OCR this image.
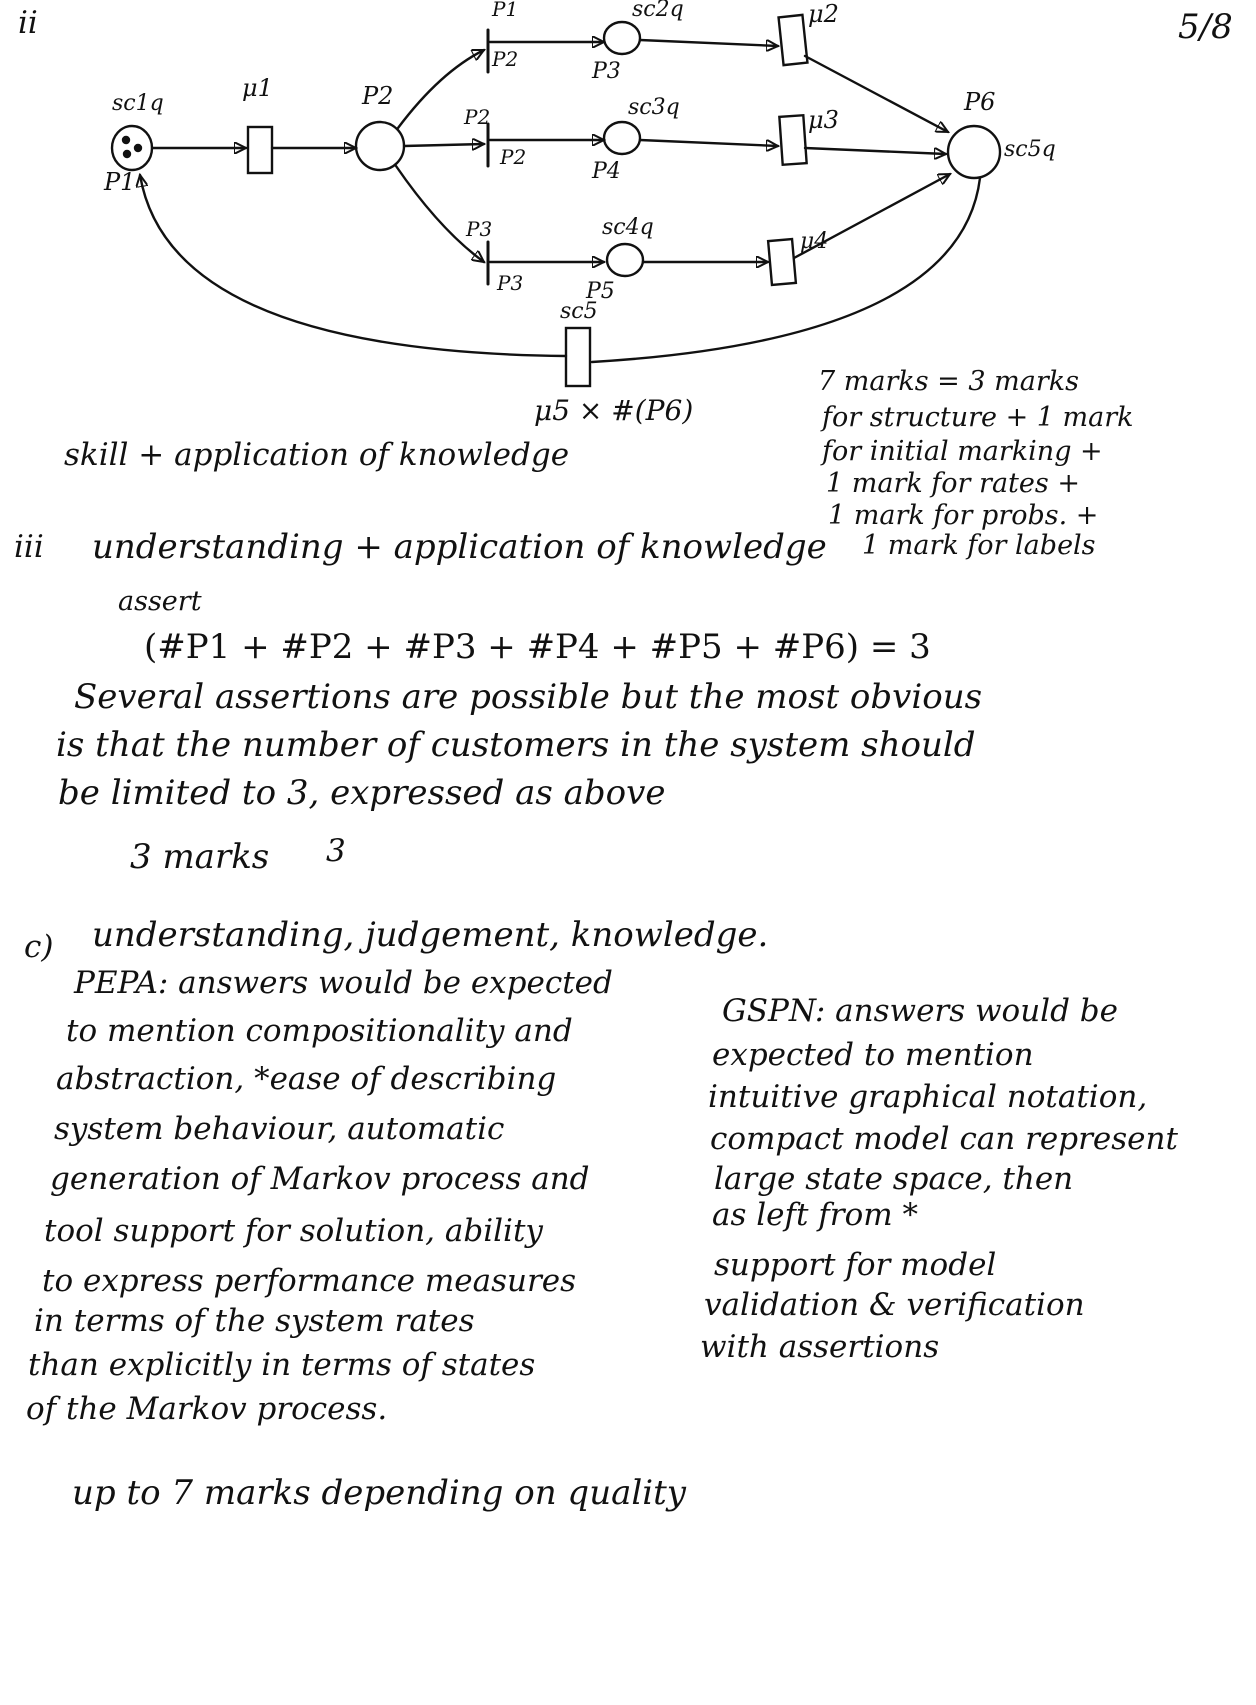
ii	5/8
sc1q
P1
μ1	P2
P1
P2
P2
P2
P3
P3
sc2q
P3
sc3q
P4
sc4q
P5
μ2
μ3
μ4
P6
sc5q
sc5
μ5 × #(P6)
7 marks = 3 marks
for structure + 1 mark
for initial marking +
1 mark for rates +
1 mark for probs. +
1 mark for labels
skill + application of knowledge
iii understanding + application of knowledge
assert
(#P1 + #P2 + #P3 + #P4 + #P5 + #P6) = 3
Several assertions are possible but the most obvious
is that the number of customers in the system should
be limited to 3, expressed as above
3 marks 3
c) understanding, judgement, knowledge.
PEPA: answers would be expected
to mention compositionality and
abstraction, *ease of describing
system behaviour, automatic
generation of Markov process and
tool support for solution, ability
to express performance measures
in terms of the system rates
than explicitly in terms of states
of the Markov process.
GSPN: answers would be
expected to mention
intuitive graphical notation,
compact model can represent
large state space, then
as left from *
support for model
validation & verification
with assertions
up to 7 marks depending on quality
